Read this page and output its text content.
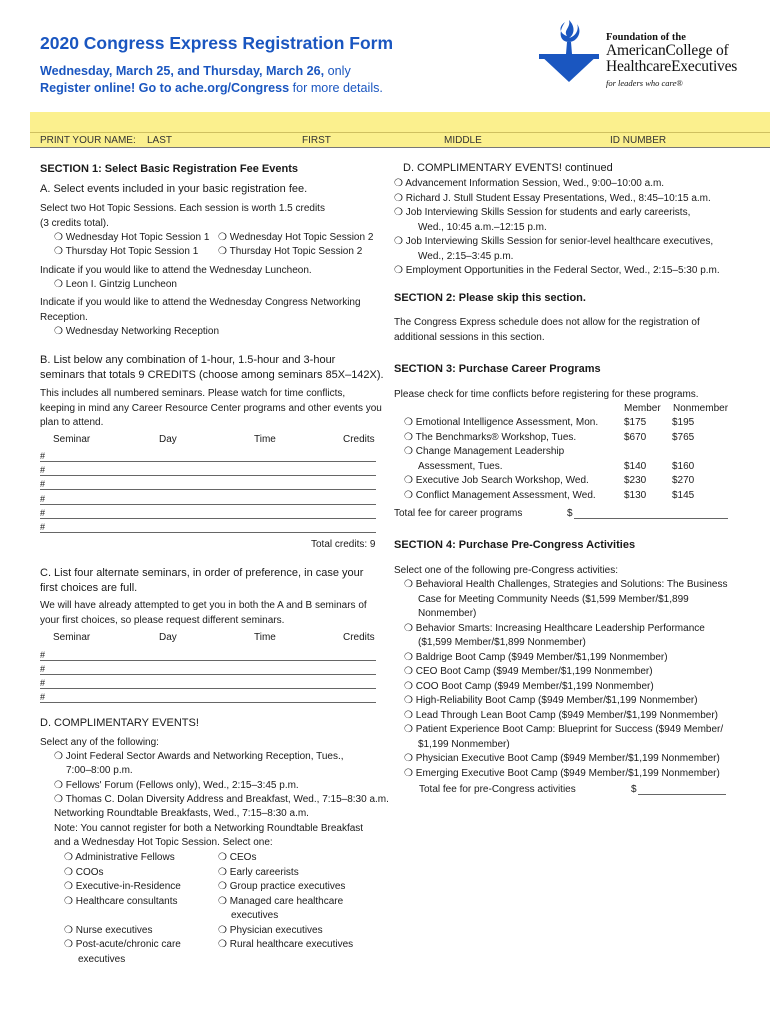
2020 Congress Express Registration Form
Wednesday, March 25, and Thursday, March 26, only
Register online! Go to ache.org/Congress for more details.
Foundation of the
AmericanCollege of
HealthcareExecutives
for leaders who care®
PRINT YOUR NAME: LAST	FIRST	MIDDLE	ID NUMBER
SECTION 1: Select Basic Registration Fee Events
A. Select events included in your basic registration fee.
Select two Hot Topic Sessions. Each session is worth 1.5 credits
(3 credits total).
❍ Wednesday Hot Topic Session 1 ❍ Wednesday Hot Topic Session 2
❍ Thursday Hot Topic Session 1 ❍ Thursday Hot Topic Session 2
Indicate if you would like to attend the Wednesday Luncheon.
❍ Leon I. Gintzig Luncheon
Indicate if you would like to attend the Wednesday Congress Networking
Reception.
❍ Wednesday Networking Reception
B. List below any combination of 1-hour, 1.5-hour and 3-hour
seminars that totals 9 CREDITS (choose among seminars 85X–142X).
This includes all numbered seminars. Please watch for time conflicts,
keeping in mind any Career Resource Center programs and other events you
plan to attend.
Seminar	Day	Time	Credits
#
#
#
#
#
#
Total credits: 9
C. List four alternate seminars, in order of preference, in case your
first choices are full.
We will have already attempted to get you in both the A and B seminars of
your first choices, so please request different seminars.
Seminar	Day	Time	Credits
#
#
#
#
D. COMPLIMENTARY EVENTS!
Select any of the following:
❍ Joint Federal Sector Awards and Networking Reception, Tues.,
7:00–8:00 p.m.
❍ Fellows' Forum (Fellows only), Wed., 2:15–3:45 p.m.
❍ Thomas C. Dolan Diversity Address and Breakfast, Wed., 7:15–8:30 a.m.
Networking Roundtable Breakfasts, Wed., 7:15–8:30 a.m.
Note: You cannot register for both a Networking Roundtable Breakfast
and a Wednesday Hot Topic Session. Select one:
❍ Administrative Fellows
❍ COOs
❍ Executive-in-Residence
❍ Healthcare consultants
❍ Nurse executives
❍ Post-acute/chronic care
executives
❍ CEOs
❍ Early careerists
❍ Group practice executives
❍ Managed care healthcare
executives
❍ Physician executives
❍ Rural healthcare executives
D. COMPLIMENTARY EVENTS! continued
❍ Advancement Information Session, Wed., 9:00–10:00 a.m.
❍ Richard J. Stull Student Essay Presentations, Wed., 8:45–10:15 a.m.
❍ Job Interviewing Skills Session for students and early careerists,
Wed., 10:45 a.m.–12:15 p.m.
❍ Job Interviewing Skills Session for senior-level healthcare executives,
Wed., 2:15–3:45 p.m.
❍ Employment Opportunities in the Federal Sector, Wed., 2:15–5:30 p.m.
SECTION 2: Please skip this section.
The Congress Express schedule does not allow for the registration of
additional sessions in this section.
SECTION 3: Purchase Career Programs
Please check for time conflicts before registering for these programs.
Member Nonmember
❍ Emotional Intelligence Assessment, Mon.	$175	$195
❍ The Benchmarks® Workshop, Tues.	$670	$765
❍ Change Management Leadership
Assessment, Tues.	$140	$160
❍ Executive Job Search Workshop, Wed.	$230	$270
❍ Conflict Management Assessment, Wed.	$130	$145
Total fee for career programs	$
SECTION 4: Purchase Pre-Congress Activities
Select one of the following pre-Congress activities:
❍ Behavioral Health Challenges, Strategies and Solutions: The Business
Case for Meeting Community Needs ($1,599 Member/$1,899
Nonmember)
❍ Behavior Smarts: Increasing Healthcare Leadership Performance
($1,599 Member/$1,899 Nonmember)
❍ Baldrige Boot Camp ($949 Member/$1,199 Nonmember)
❍ CEO Boot Camp ($949 Member/$1,199 Nonmember)
❍ COO Boot Camp ($949 Member/$1,199 Nonmember)
❍ High-Reliability Boot Camp ($949 Member/$1,199 Nonmember)
❍ Lead Through Lean Boot Camp ($949 Member/$1,199 Nonmember)
❍ Patient Experience Boot Camp: Blueprint for Success ($949 Member/
$1,199 Nonmember)
❍ Physician Executive Boot Camp ($949 Member/$1,199 Nonmember)
❍ Emerging Executive Boot Camp ($949 Member/$1,199 Nonmember)
Total fee for pre-Congress activities	$
